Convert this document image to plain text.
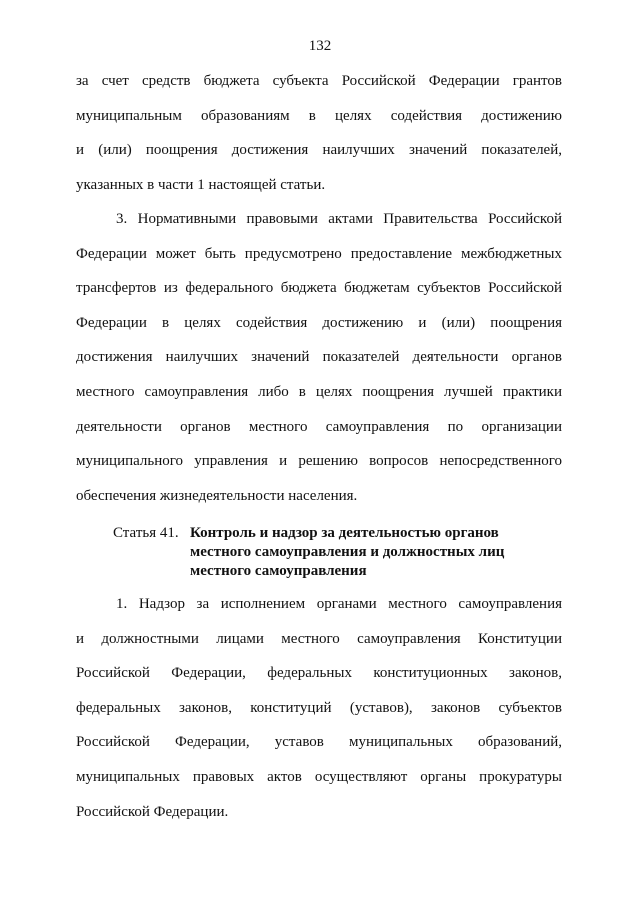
132
за счет средств бюджета субъекта Российской Федерации грантов
муниципальным образованиям в целях содействия достижению
и (или) поощрения достижения наилучших значений показателей,
указанных в части 1 настоящей статьи.
3. Нормативными правовыми актами Правительства Российской
Федерации может быть предусмотрено предоставление межбюджетных
трансфертов из федерального бюджета бюджетам субъектов Российской
Федерации в целях содействия достижению и (или) поощрения
достижения наилучших значений показателей деятельности органов
местного самоуправления либо в целях поощрения лучшей практики
деятельности органов местного самоуправления по организации
муниципального управления и решению вопросов непосредственного
обеспечения жизнедеятельности населения.
Статья 41. Контроль и надзор за деятельностью органов
местного самоуправления и должностных лиц
местного самоуправления
1. Надзор за исполнением органами местного самоуправления
и должностными лицами местного самоуправления Конституции
Российской Федерации, федеральных конституционных законов,
федеральных законов, конституций (уставов), законов субъектов
Российской Федерации, уставов муниципальных образований,
муниципальных правовых актов осуществляют органы прокуратуры
Российской Федерации.
